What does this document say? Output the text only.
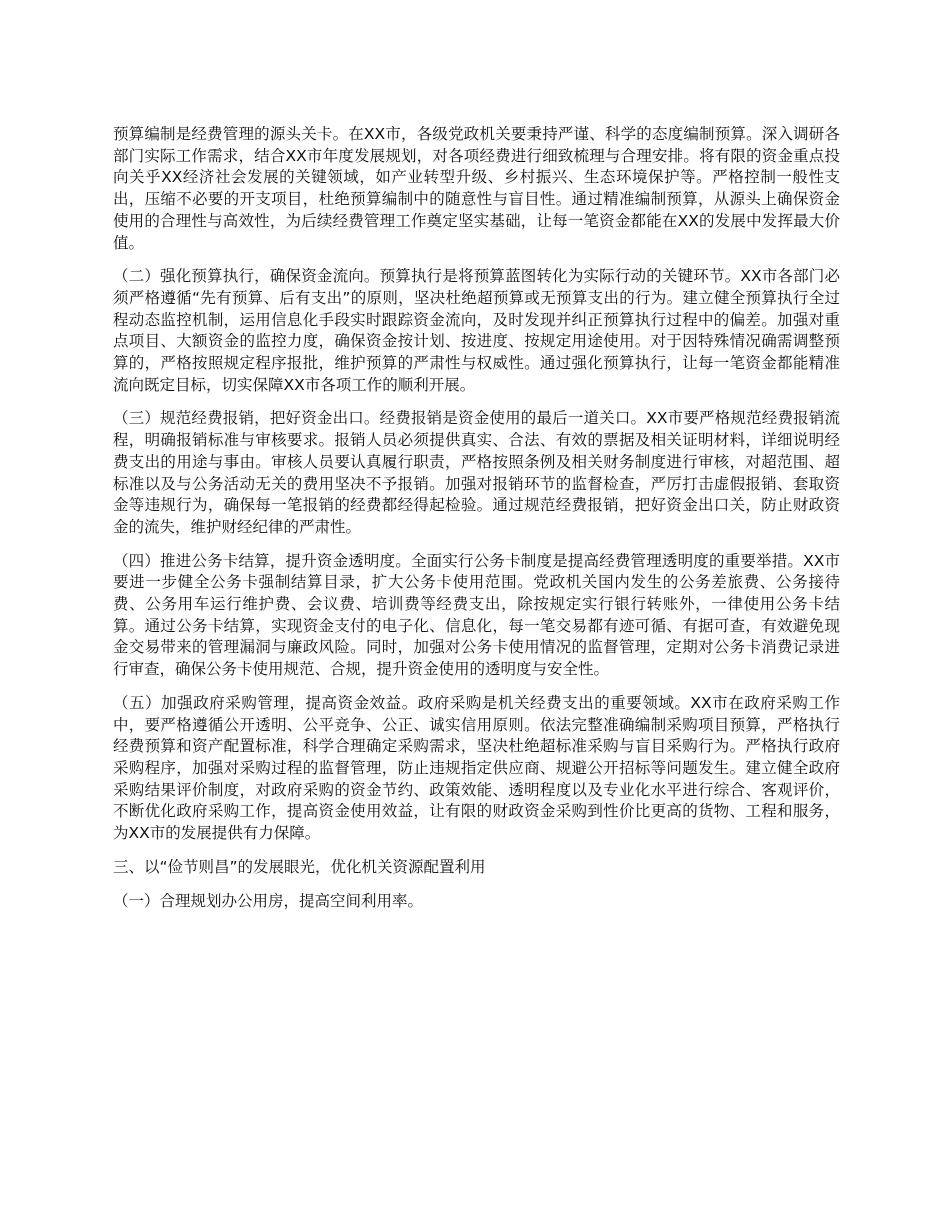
预算编制是经费管理的源头关卡。在XX市，各级党政机关要秉持严谨、科学的态度编制预算。深入调研各部门实际工作需求，结合XX市年度发展规划，对各项经费进行细致梳理与合理安排。将有限的资金重点投向关乎XX经济社会发展的关键领域，如产业转型升级、乡村振兴、生态环境保护等。严格控制一般性支出，压缩不必要的开支项目，杜绝预算编制中的随意性与盲目性。通过精准编制预算，从源头上确保资金使用的合理性与高效性，为后续经费管理工作奠定坚实基础，让每一笔资金都能在XX的发展中发挥最大价值。

（二）强化预算执行，确保资金流向。预算执行是将预算蓝图转化为实际行动的关键环节。XX市各部门必须严格遵循“先有预算、后有支出”的原则，坚决杜绝超预算或无预算支出的行为。建立健全预算执行全过程动态监控机制，运用信息化手段实时跟踪资金流向，及时发现并纠正预算执行过程中的偏差。加强对重点项目、大额资金的监控力度，确保资金按计划、按进度、按规定用途使用。对于因特殊情况确需调整预算的，严格按照规定程序报批，维护预算的严肃性与权威性。通过强化预算执行，让每一笔资金都能精准流向既定目标，切实保障XX市各项工作的顺利开展。

（三）规范经费报销，把好资金出口。经费报销是资金使用的最后一道关口。XX市要严格规范经费报销流程，明确报销标准与审核要求。报销人员必须提供真实、合法、有效的票据及相关证明材料，详细说明经费支出的用途与事由。审核人员要认真履行职责，严格按照条例及相关财务制度进行审核，对超范围、超标准以及与公务活动无关的费用坚决不予报销。加强对报销环节的监督检查，严厉打击虚假报销、套取资金等违规行为，确保每一笔报销的经费都经得起检验。通过规范经费报销，把好资金出口关，防止财政资金的流失，维护财经纪律的严肃性。

（四）推进公务卡结算，提升资金透明度。全面实行公务卡制度是提高经费管理透明度的重要举措。XX市要进一步健全公务卡强制结算目录，扩大公务卡使用范围。党政机关国内发生的公务差旅费、公务接待费、公务用车运行维护费、会议费、培训费等经费支出，除按规定实行银行转账外，一律使用公务卡结算。通过公务卡结算，实现资金支付的电子化、信息化，每一笔交易都有迹可循、有据可查，有效避免现金交易带来的管理漏洞与廉政风险。同时，加强对公务卡使用情况的监督管理，定期对公务卡消费记录进行审查，确保公务卡使用规范、合规，提升资金使用的透明度与安全性。

（五）加强政府采购管理，提高资金效益。政府采购是机关经费支出的重要领域。XX市在政府采购工作中，要严格遵循公开透明、公平竞争、公正、诚实信用原则。依法完整准确编制采购项目预算，严格执行经费预算和资产配置标准，科学合理确定采购需求，坚决杜绝超标准采购与盲目采购行为。严格执行政府采购程序，加强对采购过程的监督管理，防止违规指定供应商、规避公开招标等问题发生。建立健全政府采购结果评价制度，对政府采购的资金节约、政策效能、透明程度以及专业化水平进行综合、客观评价，不断优化政府采购工作，提高资金使用效益，让有限的财政资金采购到性价比更高的货物、工程和服务，为XX市的发展提供有力保障。

三、以“俭节则昌”的发展眼光，优化机关资源配置利用

（一）合理规划办公用房，提高空间利用率。
